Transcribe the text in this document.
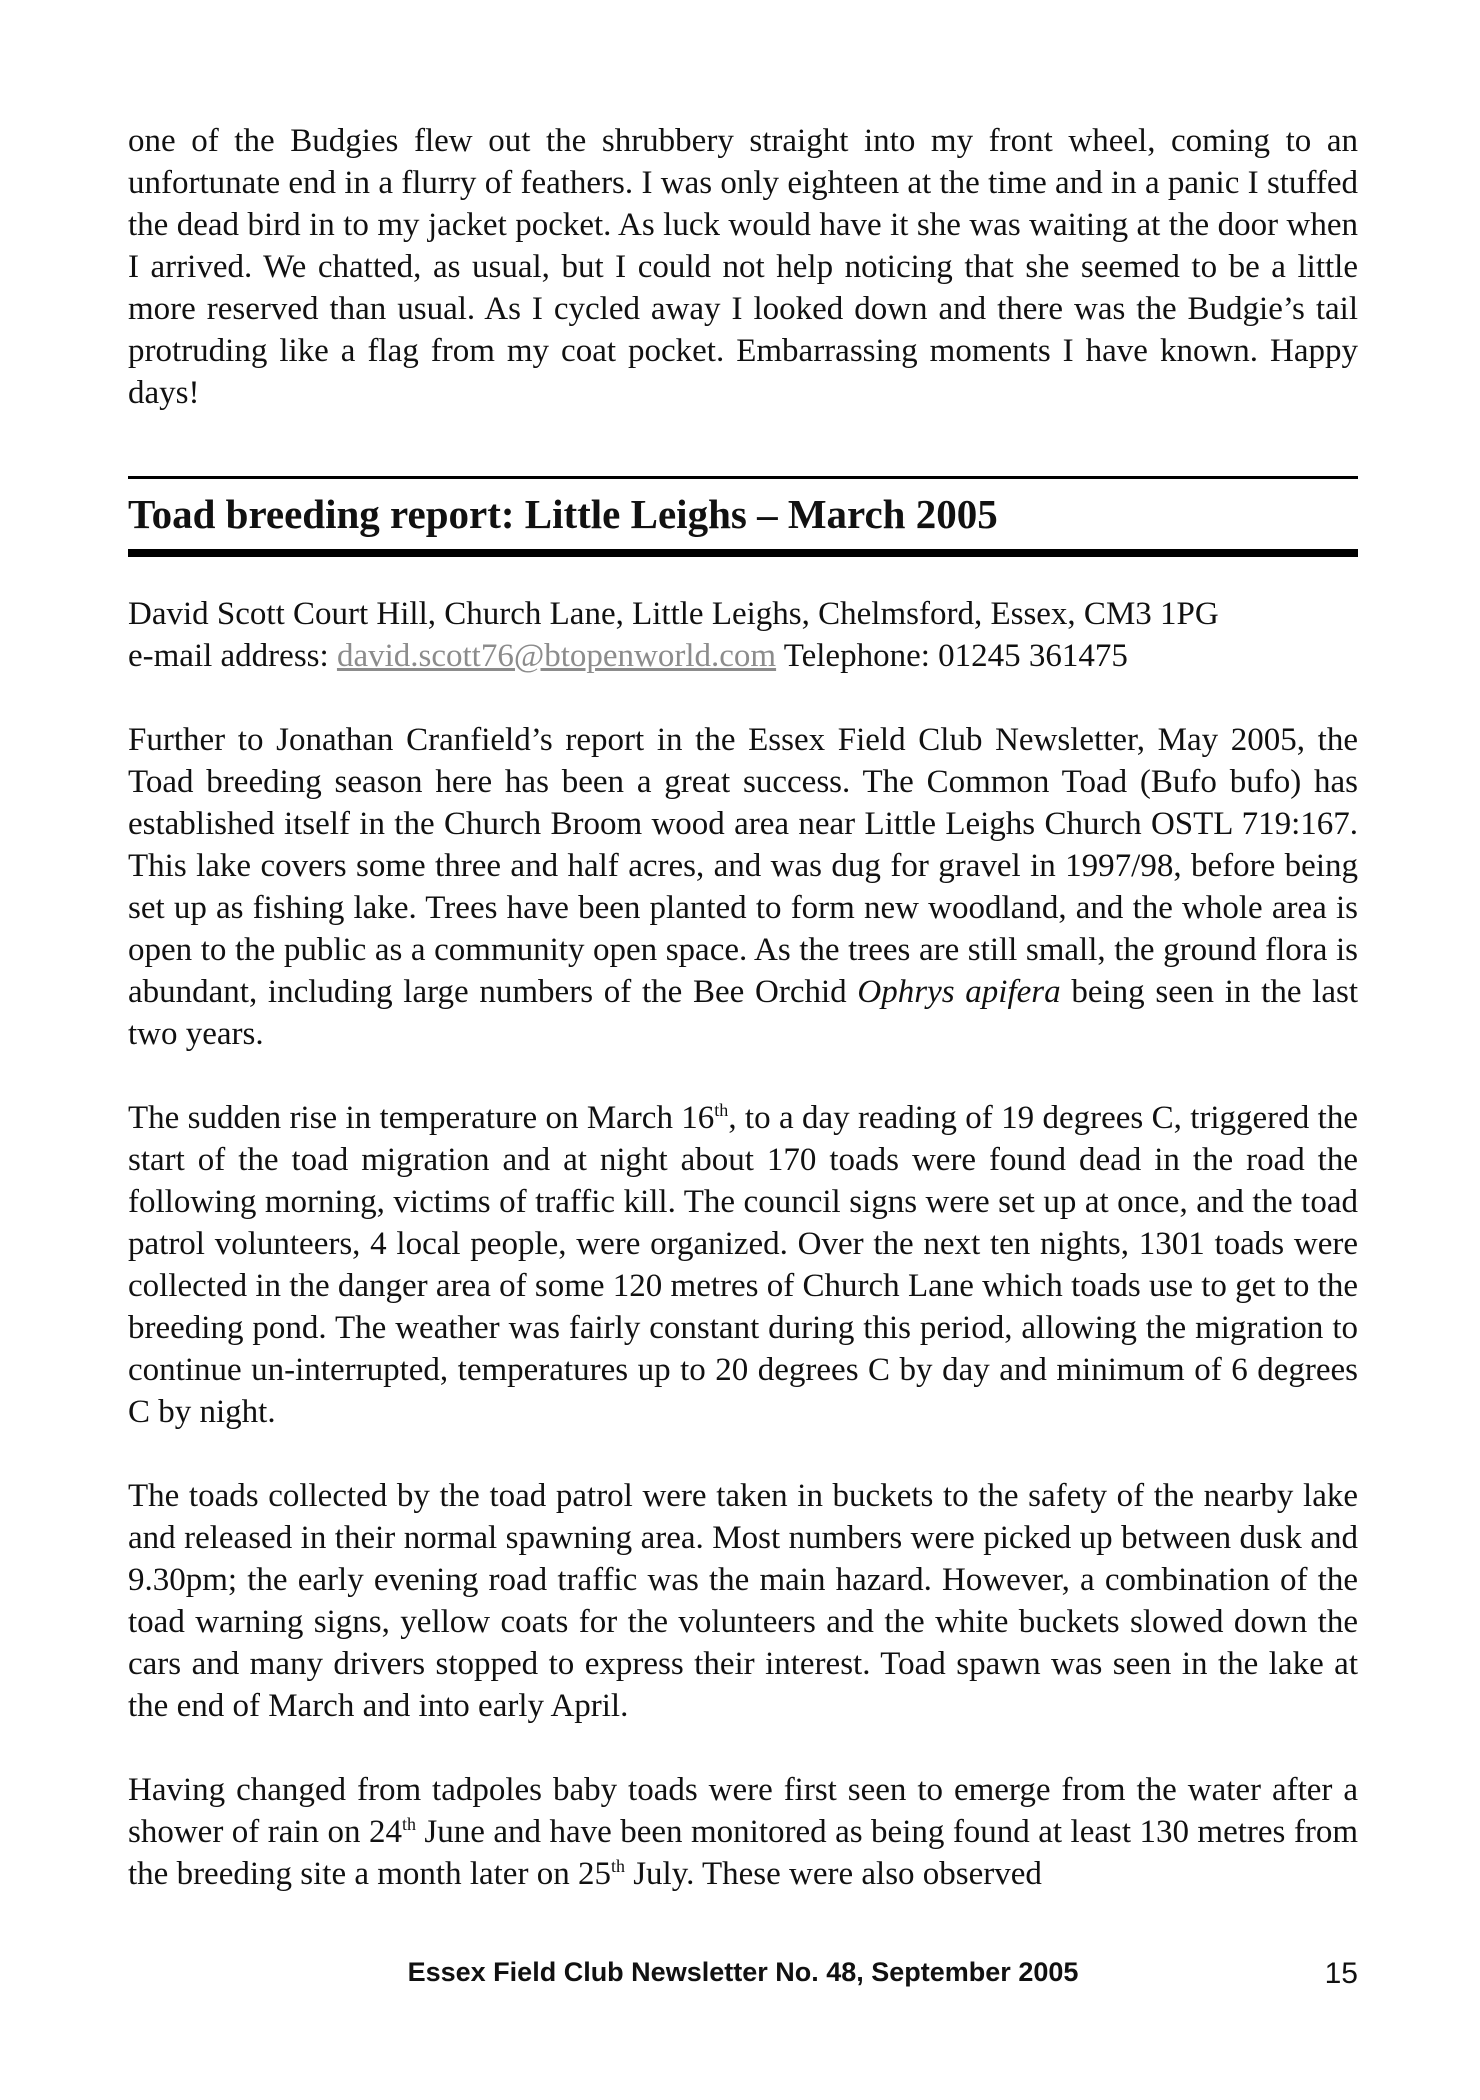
one of the Budgies flew out the shrubbery straight into my front wheel, coming to an unfortunate end in a flurry of feathers. I was only eighteen at the time and in a panic I stuffed the dead bird in to my jacket pocket. As luck would have it she was waiting at the door when I arrived. We chatted, as usual, but I could not help noticing that she seemed to be a little more reserved than usual. As I cycled away I looked down and there was the Budgie’s tail protruding like a flag from my coat pocket. Embarrassing moments I have known. Happy days!

Toad breeding report: Little Leighs – March 2005
David Scott Court Hill, Church Lane, Little Leighs, Chelmsford, Essex, CM3 1PG
e-mail address: david.scott76@btopenworld.com Telephone: 01245 361475

Further to Jonathan Cranfield’s report in the Essex Field Club Newsletter, May 2005, the Toad breeding season here has been a great success. The Common Toad (Bufo bufo) has established itself in the Church Broom wood area near Little Leighs Church OSTL 719:167. This lake covers some three and half acres, and was dug for gravel in 1997/98, before being set up as fishing lake. Trees have been planted to form new woodland, and the whole area is open to the public as a community open space. As the trees are still small, the ground flora is abundant, including large numbers of the Bee Orchid Ophrys apifera being seen in the last two years.

The sudden rise in temperature on March 16th, to a day reading of 19 degrees C, triggered the start of the toad migration and at night about 170 toads were found dead in the road the following morning, victims of traffic kill. The council signs were set up at once, and the toad patrol volunteers, 4 local people, were organized. Over the next ten nights, 1301 toads were collected in the danger area of some 120 metres of Church Lane which toads use to get to the breeding pond. The weather was fairly constant during this period, allowing the migration to continue un-interrupted, temperatures up to 20 degrees C by day and minimum of 6 degrees C by night.

The toads collected by the toad patrol were taken in buckets to the safety of the nearby lake and released in their normal spawning area. Most numbers were picked up between dusk and 9.30pm; the early evening road traffic was the main hazard. However, a combination of the toad warning signs, yellow coats for the volunteers and the white buckets slowed down the cars and many drivers stopped to express their interest. Toad spawn was seen in the lake at the end of March and into early April.

Having changed from tadpoles baby toads were first seen to emerge from the water after a shower of rain on 24th June and have been monitored as being found at least 130 metres from the breeding site a month later on 25th July. These were also observed

Essex Field Club Newsletter No. 48, September 2005	15
